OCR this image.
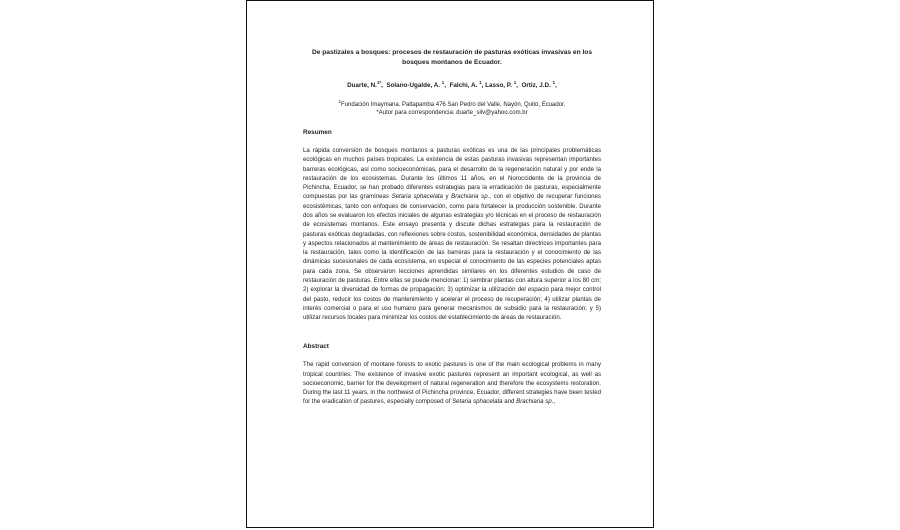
De pastizales a bosques: procesos de restauración de pasturas exóticas invasivas en los bosques montanos de Ecuador.

Duarte, N.$^{1*}$,  Solano-Ugalde, A. $^1$,  Falchi, A. $^1$, Lasso, P. $^1$,  Ortiz, J.D. $^1$,
$^1$Fundación Imaymana. Paltapamba 476 San Pedro del Valle, Nayón, Quito, Ecuador.
*Autor para correspondencia: duarte_silv@yahoo.com.br

Resumen

La rápida conversión de bosques montanos a pasturas exóticas es una de las principales problemáticas ecológicas en muchos países tropicales. La existencia de estas pasturas invasivas representan importantes barreras ecológicas, así como socioeconómicas, para el desarrollo de la regeneración natural y por ende la restauración de los ecosistemas. Durante los últimos 11 años, en el Noroccidente de la provincia de Pichincha, Ecuador, se han probado diferentes estrategias para la erradicación de pasturas, especialmente compuestas por las gramíneas Setaria sphacelata y Brachiaria sp., con el objetivo de recuperar funciones ecosistémicas, tanto con enfoques de conservación, como para fortalecer la producción sostenible. Durante dos años se evaluaron los efectos iniciales de algunas estrategias y/o técnicas en el proceso de restauración de ecosistemas montanos. Este ensayo presenta y discute dichas estrategias para la restauración de pasturas exóticas degradadas, con reflexiones sobre costos, sostenibilidad económica, densidades de plantas y aspectos relacionados al mantenimiento de áreas de restauración. Se resaltan directrices importantes para la restauración, tales como la identificación de las barreras para la restauración y el conocimiento de las dinámicas sucesionales de cada ecosistema, en especial el conocimiento de las especies potenciales aptas para cada zona. Se observaron lecciones aprendidas similares en los diferentes estudios de caso de restauración de pasturas. Entre ellas se puede mencionar: 1) sembrar plantas con altura superior a los 80 cm; 2) explorar la diversidad de formas de propagación; 3) optimizar la utilización del espacio para mejor control del pasto, reducir los costos de mantenimiento y acelerar el proceso de recuperación; 4) utilizar plantas de interés comercial o para el uso humano para generar mecanismos de subsidio para la restauración; y 5) utilizar recursos locales para minimizar los costos del establecimiento de áreas de restauración.

Abstract

The rapid conversion of montane forests to exotic pastures is one of the main ecological problems in many tropical countries. The existence of invasive exotic pastures represent an important ecological, as well as socioeconomic, barrier for the development of natural regeneration and therefore the ecosystems restoration. During the last 11 years, in the northwest of Pichincha province, Ecuador, different strategies have been tested for the eradication of pastures, especially composed of Setaria sphacelata and Brachiaria sp.,
